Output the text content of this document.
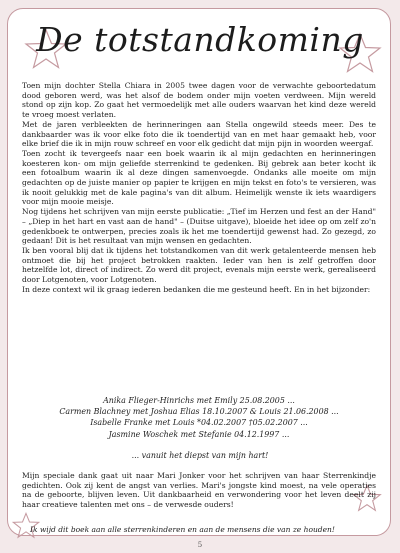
De totstandkoming

Toen mijn dochter Stella Chiara in 2005 twee dagen voor de verwachte geboortedatum dood geboren werd, was het alsof de bodem onder mijn voeten verdween. Mijn wereld stond op zijn kop. Zo gaat het vermoedelijk met alle ouders waarvan het kind deze wereld te vroeg moest verlaten.

Met de jaren verbleekten de herinneringen aan Stella ongewild steeds meer. Des te dankbaarder was ik voor elke foto die ik toendertijd van en met haar gemaakt heb, voor elke brief die ik in mijn rouw schreef en voor elk gedicht dat mijn pijn in woorden weergaf.

Toen zocht ik tevergeefs naar een boek waarin ik al mijn gedachten en herinneringen koesteren kon- om mijn geliefde sterrenkind te gedenken. Bij gebrek aan beter kocht ik een fotoalbum waarin ik al deze dingen samenvoegde. Ondanks alle moeite om mijn gedachten op de juiste manier op papier te krijgen en mijn tekst en foto's te versieren, was ik nooit gelukkig met de kale pagina's van dit album. Heimelijk wenste ik iets waardigers voor mijn mooie meisje.

Nog tijdens het schrijven van mijn eerste publicatie: „Tief im Herzen und fest an der Hand" – „Diep in het hart en vast aan de hand" – (Duitse uitgave), bloeide het idee op om zelf zo'n gedenkboek te ontwerpen, precies zoals ik het me toendertijd gewenst had. Zo gezegd, zo gedaan! Dit is het resultaat van mijn wensen en gedachten.

Ik ben vooral blij dat ik tijdens het totstandkomen van dit werk getalenteerde mensen heb ontmoet die bij het project betrokken raakten. Ieder van hen is zelf getroffen door hetzelfde lot, direct of indirect. Zo werd dit project, evenals mijn eerste werk, gerealiseerd door Lotgenoten, voor Lotgenoten.

In deze context wil ik graag iederen bedanken die me gesteund heeft. En in het bijzonder:

Anika Flieger-Hinrichs met Emily 25.08.2005 ...
Carmen Blachney met Joshua Elias 18.10.2007 & Louis 21.06.2008 ...
Isabelle Franke met Louis *04.02.2007 †05.02.2007 ...
Jasmine Woschek met Stefanie 04.12.1997 ...
... vanuit het diepst van mijn hart!
Mijn speciale dank gaat uit naar Mari Jonker voor het schrijven van haar Sterrenkindje gedichten. Ook zij kent de angst van verlies. Mari's jongste kind moest, na vele operaties na de geboorte, blijven leven. Uit dankbaarheid en verwondering voor het leven deelt zij haar creatieve talenten met ons – de verwesde ouders!
Ik wijd dit boek aan alle sterrenkinderen en aan de mensens die van ze houden!
5
